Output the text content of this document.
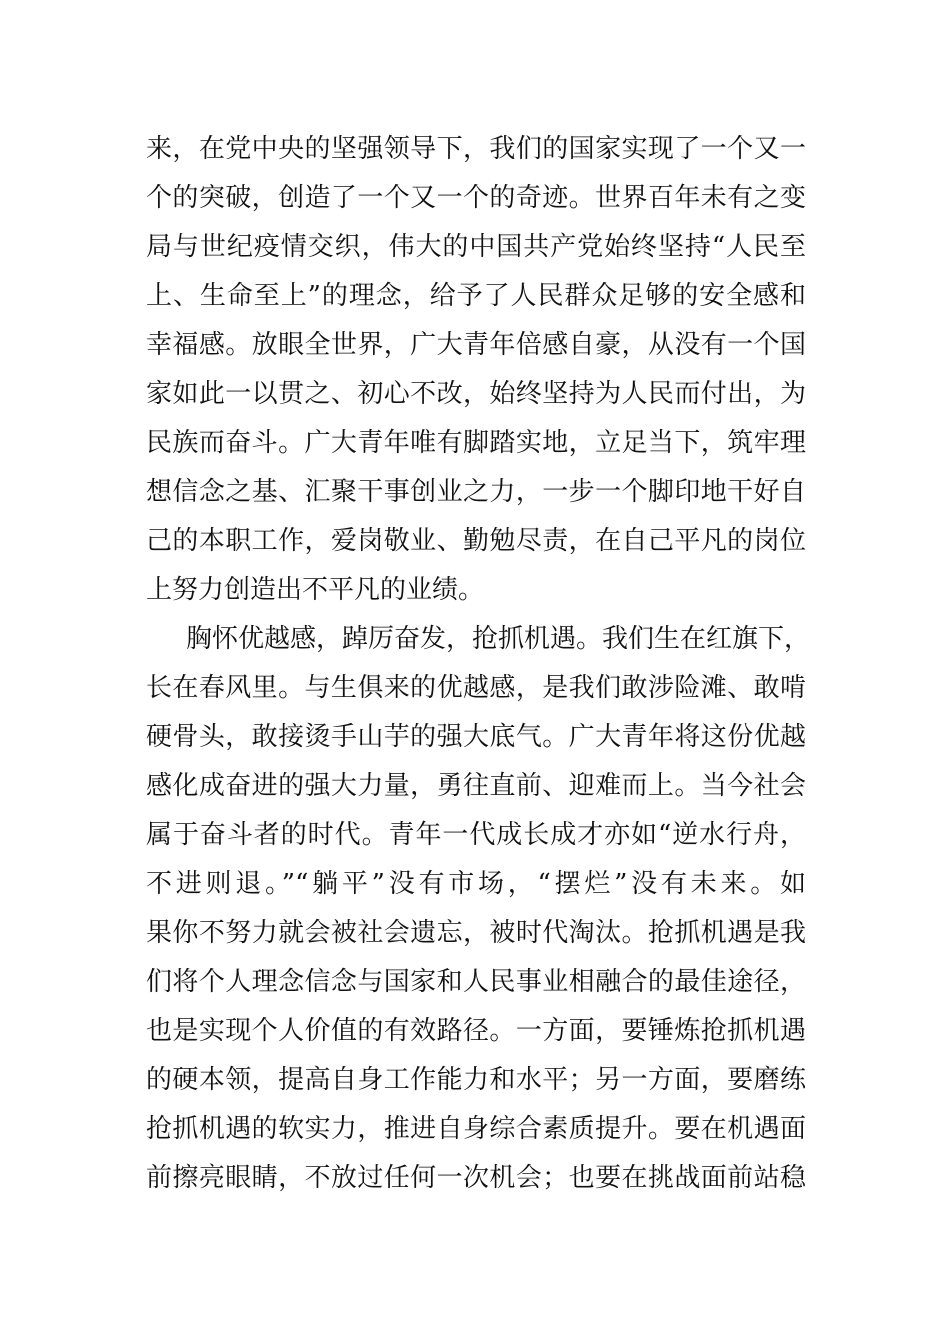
来，在党中央的坚强领导下，我们的国家实现了一个又一
个的突破，创造了一个又一个的奇迹。世界百年未有之变
局与世纪疫情交织，伟大的中国共产党始终坚持“人民至
上、生命至上”的理念，给予了人民群众足够的安全感和
幸福感。放眼全世界，广大青年倍感自豪，从没有一个国
家如此一以贯之、初心不改，始终坚持为人民而付出，为
民族而奋斗。广大青年唯有脚踏实地，立足当下，筑牢理
想信念之基、汇聚干事创业之力，一步一个脚印地干好自
己的本职工作，爱岗敬业、勤勉尽责，在自己平凡的岗位
上努力创造出不平凡的业绩。
胸怀优越感，踔厉奋发，抢抓机遇。我们生在红旗下，
长在春风里。与生俱来的优越感，是我们敢涉险滩、敢啃
硬骨头，敢接烫手山芋的强大底气。广大青年将这份优越
感化成奋进的强大力量，勇往直前、迎难而上。当今社会
属于奋斗者的时代。青年一代成长成才亦如“逆水行舟，
不进则退。”“躺平”没有市场，“摆烂”没有未来。如
果你不努力就会被社会遗忘，被时代淘汰。抢抓机遇是我
们将个人理念信念与国家和人民事业相融合的最佳途径，
也是实现个人价值的有效路径。一方面，要锤炼抢抓机遇
的硬本领，提高自身工作能力和水平；另一方面，要磨练
抢抓机遇的软实力，推进自身综合素质提升。要在机遇面
前擦亮眼睛，不放过任何一次机会；也要在挑战面前站稳
